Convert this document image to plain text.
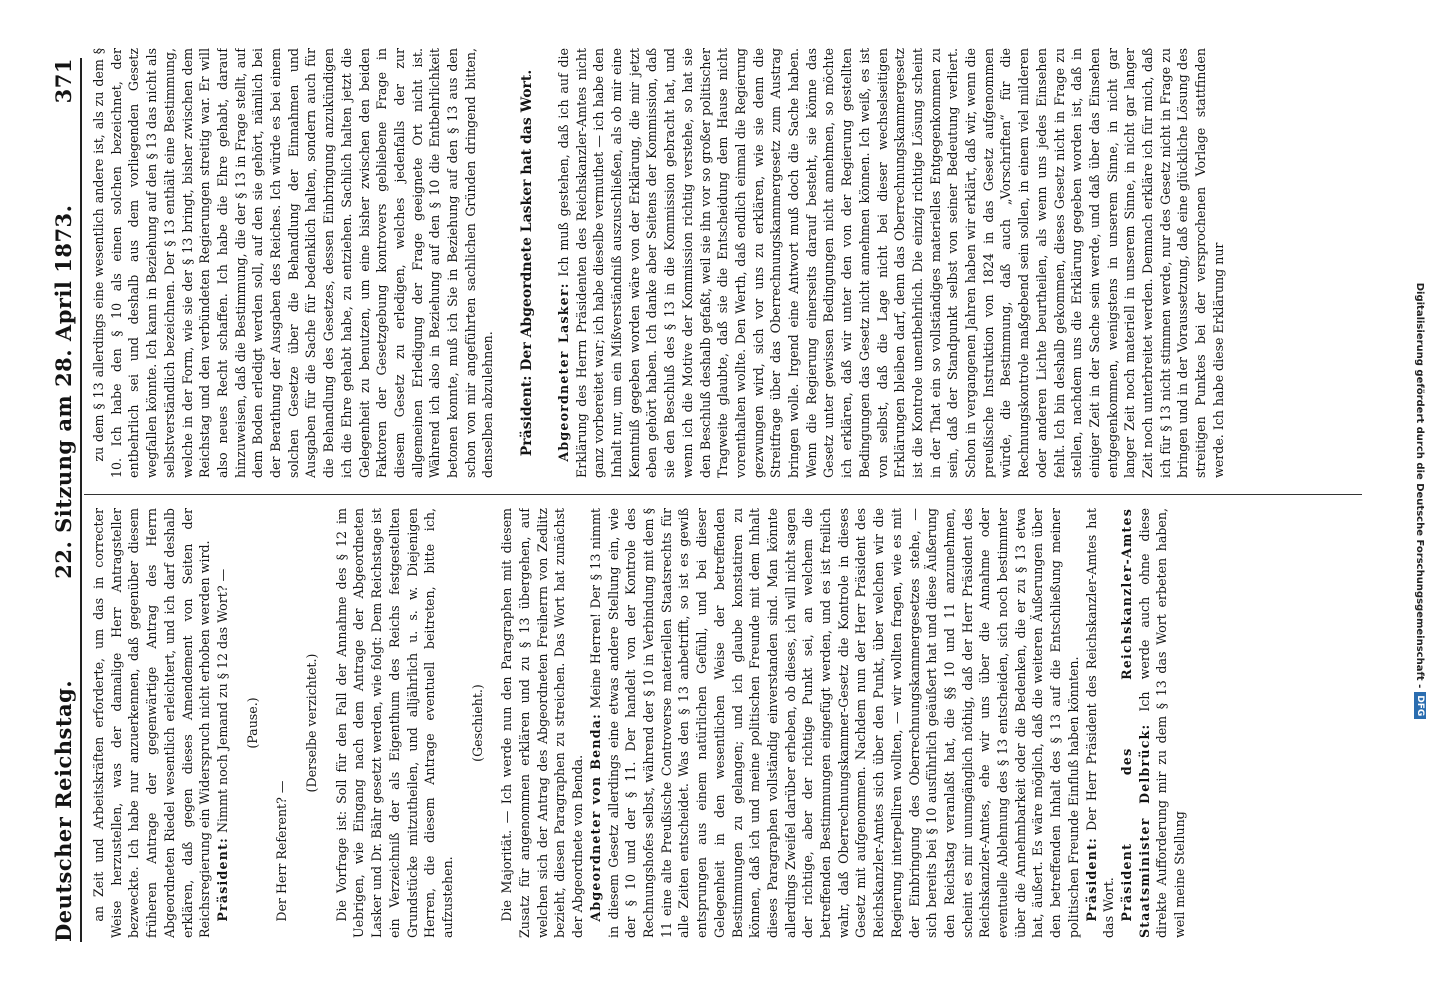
Deutscher Reichstag.
22. Sitzung am 28. April 1873.
371

an Zeit und Arbeitskräften erforderte, um das in correcter Weise herzustellen, was der damalige Herr Antragsteller bezweckte. Ich habe nur anzuerkennen, daß gegenüber diesem früheren Antrage der gegenwärtige Antrag des Herrn Abgeordneten Riedel wesentlich erleichtert, und ich darf deshalb erklären, daß gegen dieses Amendement von Seiten der Reichsregierung ein Widerspruch nicht erhoben werden wird. Präsident: Nimmt noch Jemand zu § 12 das Wort? — (Pause.)

Der Herr Referent? —

(Derselbe verzichtet.) Die Vorfrage ist: Soll für den Fall der Annahme des § 12 im Uebrigen, wie Eingang nach dem Antrage der Abgeordneten Lasker und Dr. Bähr gesetzt werden, wie folgt: Dem Reichstage ist ein Verzeichniß der als Eigenthum des Reichs festgestellten Grundstücke mitzutheilen, und alljährlich u. s. w. Diejenigen Herren, die diesem Antrage eventuell beitreten, bitte ich, aufzustehen.

(Geschieht.) Die Majorität. — Ich werde nun den Paragraphen mit diesem Zusatz für angenommen erklären und zu § 13 übergehen, auf welchen sich der Antrag des Abgeordneten Freiherrn von Zedlitz bezieht, diesen Paragraphen zu streichen. Das Wort hat zunächst der Abgeordnete von Benda. Abgeordneter von Benda: Meine Herren! Der § 13 nimmt in diesem Gesetz allerdings eine etwas andere Stellung ein, wie der § 10 und der § 11. Der handelt von der Kontrole des Rechnungshofes selbst, während der § 10 in Verbindung mit dem § 11 eine alte Preußische Controverse materiellen Staatsrechts für alle Zeiten entscheidet. Was den § 13 anbetrifft, so ist es gewiß entsprungen aus einem natürlichen Gefühl, und bei dieser Gelegenheit in den wesentlichen Weise der betreffenden Bestimmungen zu gelangen; und ich glaube konstatiren zu können, daß ich und meine politischen Freunde mit dem Inhalt dieses Paragraphen vollständig einverstanden sind. Man könnte allerdings Zweifel darüber erheben, ob dieses, ich will nicht sagen der richtige, aber der richtige Punkt sei, an welchem die betreffenden Bestimmungen eingefügt werden, und es ist freilich wahr, daß Oberrechnungskammer-Gesetz die Kontrole in dieses Gesetz mit aufgenommen. Nachdem nun der Herr Präsident des Reichskanzler-Amtes sich über den Punkt, über welchen wir die Regierung interpelliren wollten, — wir wollten fragen, wie es mit der Einbringung des Oberrechnungskammergesetzes stehe, — sich bereits bei § 10 ausführlich geäußert hat und diese Äußerung den Reichstag veranlaßt hat, die §§ 10 und 11 anzunehmen, scheint es mir unumgänglich nöthig, daß der Herr Präsident des Reichskanzler-Amtes, ehe wir uns über die Annahme oder eventuelle Ablehnung des § 13 entscheiden, sich noch bestimmter über die Annehmbarkeit oder die Bedenken, die er zu § 13 etwa hat, äußert. Es wäre möglich, daß die weiteren Äußerungen über den betreffenden Inhalt des § 13 auf die Entschließung meiner politischen Freunde Einfluß haben könnten. Präsident: Der Herr Präsident des Reichskanzler-Amtes hat das Wort. Präsident des Reichskanzler-Amtes Staatsminister Delbrück: Ich werde auch ohne diese direkte Aufforderung mir zu dem § 13 das Wort erbeten haben, weil meine Stellung

zu dem § 13 allerdings eine wesentlich andere ist, als zu dem § 10. Ich habe den § 10 als einen solchen bezeichnet, der entbehrlich sei und deshalb aus dem vorliegenden Gesetz wegfallen könnte. Ich kann in Beziehung auf den § 13 das nicht als selbstverständlich bezeichnen. Der § 13 enthält eine Bestimmung, welche in der Form, wie sie der § 13 bringt, bisher zwischen dem Reichstag und den verbündeten Regierungen streitig war. Er will also neues Recht schaffen. Ich habe die Ehre gehabt, darauf hinzuweisen, daß die Bestimmung, die der § 13 in Frage stellt, auf dem Boden erledigt werden soll, auf den sie gehört, nämlich bei der Berathung der Ausgaben des Reiches. Ich würde es bei einem solchen Gesetze über die Behandlung der Einnahmen und Ausgaben für die Sache für bedenklich halten, sondern auch für die Behandlung des Gesetzes, dessen Einbringung anzukündigen ich die Ehre gehabt habe, zu entziehen. Sachlich halten jetzt die Gelegenheit zu benutzen, um eine bisher zwischen den beiden Faktoren der Gesetzgebung kontrovers gebliebene Frage in diesem Gesetz zu erledigen, welches jedenfalls der zur allgemeinen Erledigung der Frage geeignete Ort nicht ist. Während ich also in Beziehung auf den § 10 die Entbehrlichkeit betonen konnte, muß ich Sie in Beziehung auf den § 13 aus den schon von mir angeführten sachlichen Gründen dringend bitten, denselben abzulehnen. Präsident: Der Abgeordnete Lasker hat das Wort. Abgeordneter Lasker: Ich muß gestehen, daß ich auf die Erklärung des Herrn Präsidenten des Reichskanzler-Amtes nicht ganz vorbereitet war; ich habe dieselbe vermuthet — ich habe den Inhalt nur, um ein Mißverständniß auszuschließen, als ob mir eine Kenntniß gegeben worden wäre von der Erklärung, die mir jetzt eben gehört haben. Ich danke aber Seitens der Kommission, daß sie den Beschluß des § 13 in die Kommission gebracht hat, und wenn ich die Motive der Kommission richtig verstehe, so hat sie den Beschluß deshalb gefaßt, weil sie ihn vor so großer politischer Tragweite glaubte, daß sie die Entscheidung dem Hause nicht vorenthalten wollte. Den Werth, daß endlich einmal die Regierung gezwungen wird, sich vor uns zu erklären, wie sie denn die Streitfrage über das Oberrechnungskammergesetz zum Austrag bringen wolle. Irgend eine Antwort muß doch die Sache haben. Wenn die Regierung einerseits darauf besteht, sie könne das Gesetz unter gewissen Bedingungen nicht annehmen, so möchte ich erklären, daß wir unter den von der Regierung gestellten Bedingungen das Gesetz nicht annehmen können. Ich weiß, es ist von selbst, daß die Lage nicht bei dieser wechselseitigen Erklärungen bleiben darf, denn das Oberrechnungskammergesetz ist die Kontrole unentbehrlich. Die einzig richtige Lösung scheint in der That ein so vollständiges materielles Entgegenkommen zu sein, daß der Standpunkt selbst von seiner Bedeutung verliert. Schon in vergangenen Jahren haben wir erklärt, daß wir, wenn die preußische Instruktion von 1824 in das Gesetz aufgenommen würde, die Bestimmung, daß auch „Vorschriften“ für die Rechnungskontrole maßgebend sein sollen, in einem viel milderen oder anderen Lichte beurtheilen, als wenn uns jedes Einsehen fehlt. Ich bin deshalb gekommen, dieses Gesetz nicht in Frage zu stellen, nachdem uns die Erklärung gegeben worden ist, daß in einiger Zeit in der Sache sein werde, und daß über das Einsehen entgegenkommen, wenigstens in unserem Sinne, in nicht gar langer Zeit noch materiell in unserem Sinne, in nicht gar langer Zeit noch unterbreitet werden. Demnach erkläre ich für mich, daß ich für § 13 nicht stimmen werde, nur des Gesetz nicht in Frage zu bringen und in der Voraussetzung, daß eine glückliche Lösung des streitigen Punktes bei der versprochenen Vorlage stattfinden werde. Ich habe diese Erklärung nur	Digitalisierung gefördert durch die Deutsche Forschungsgemeinschaft -
DFG
